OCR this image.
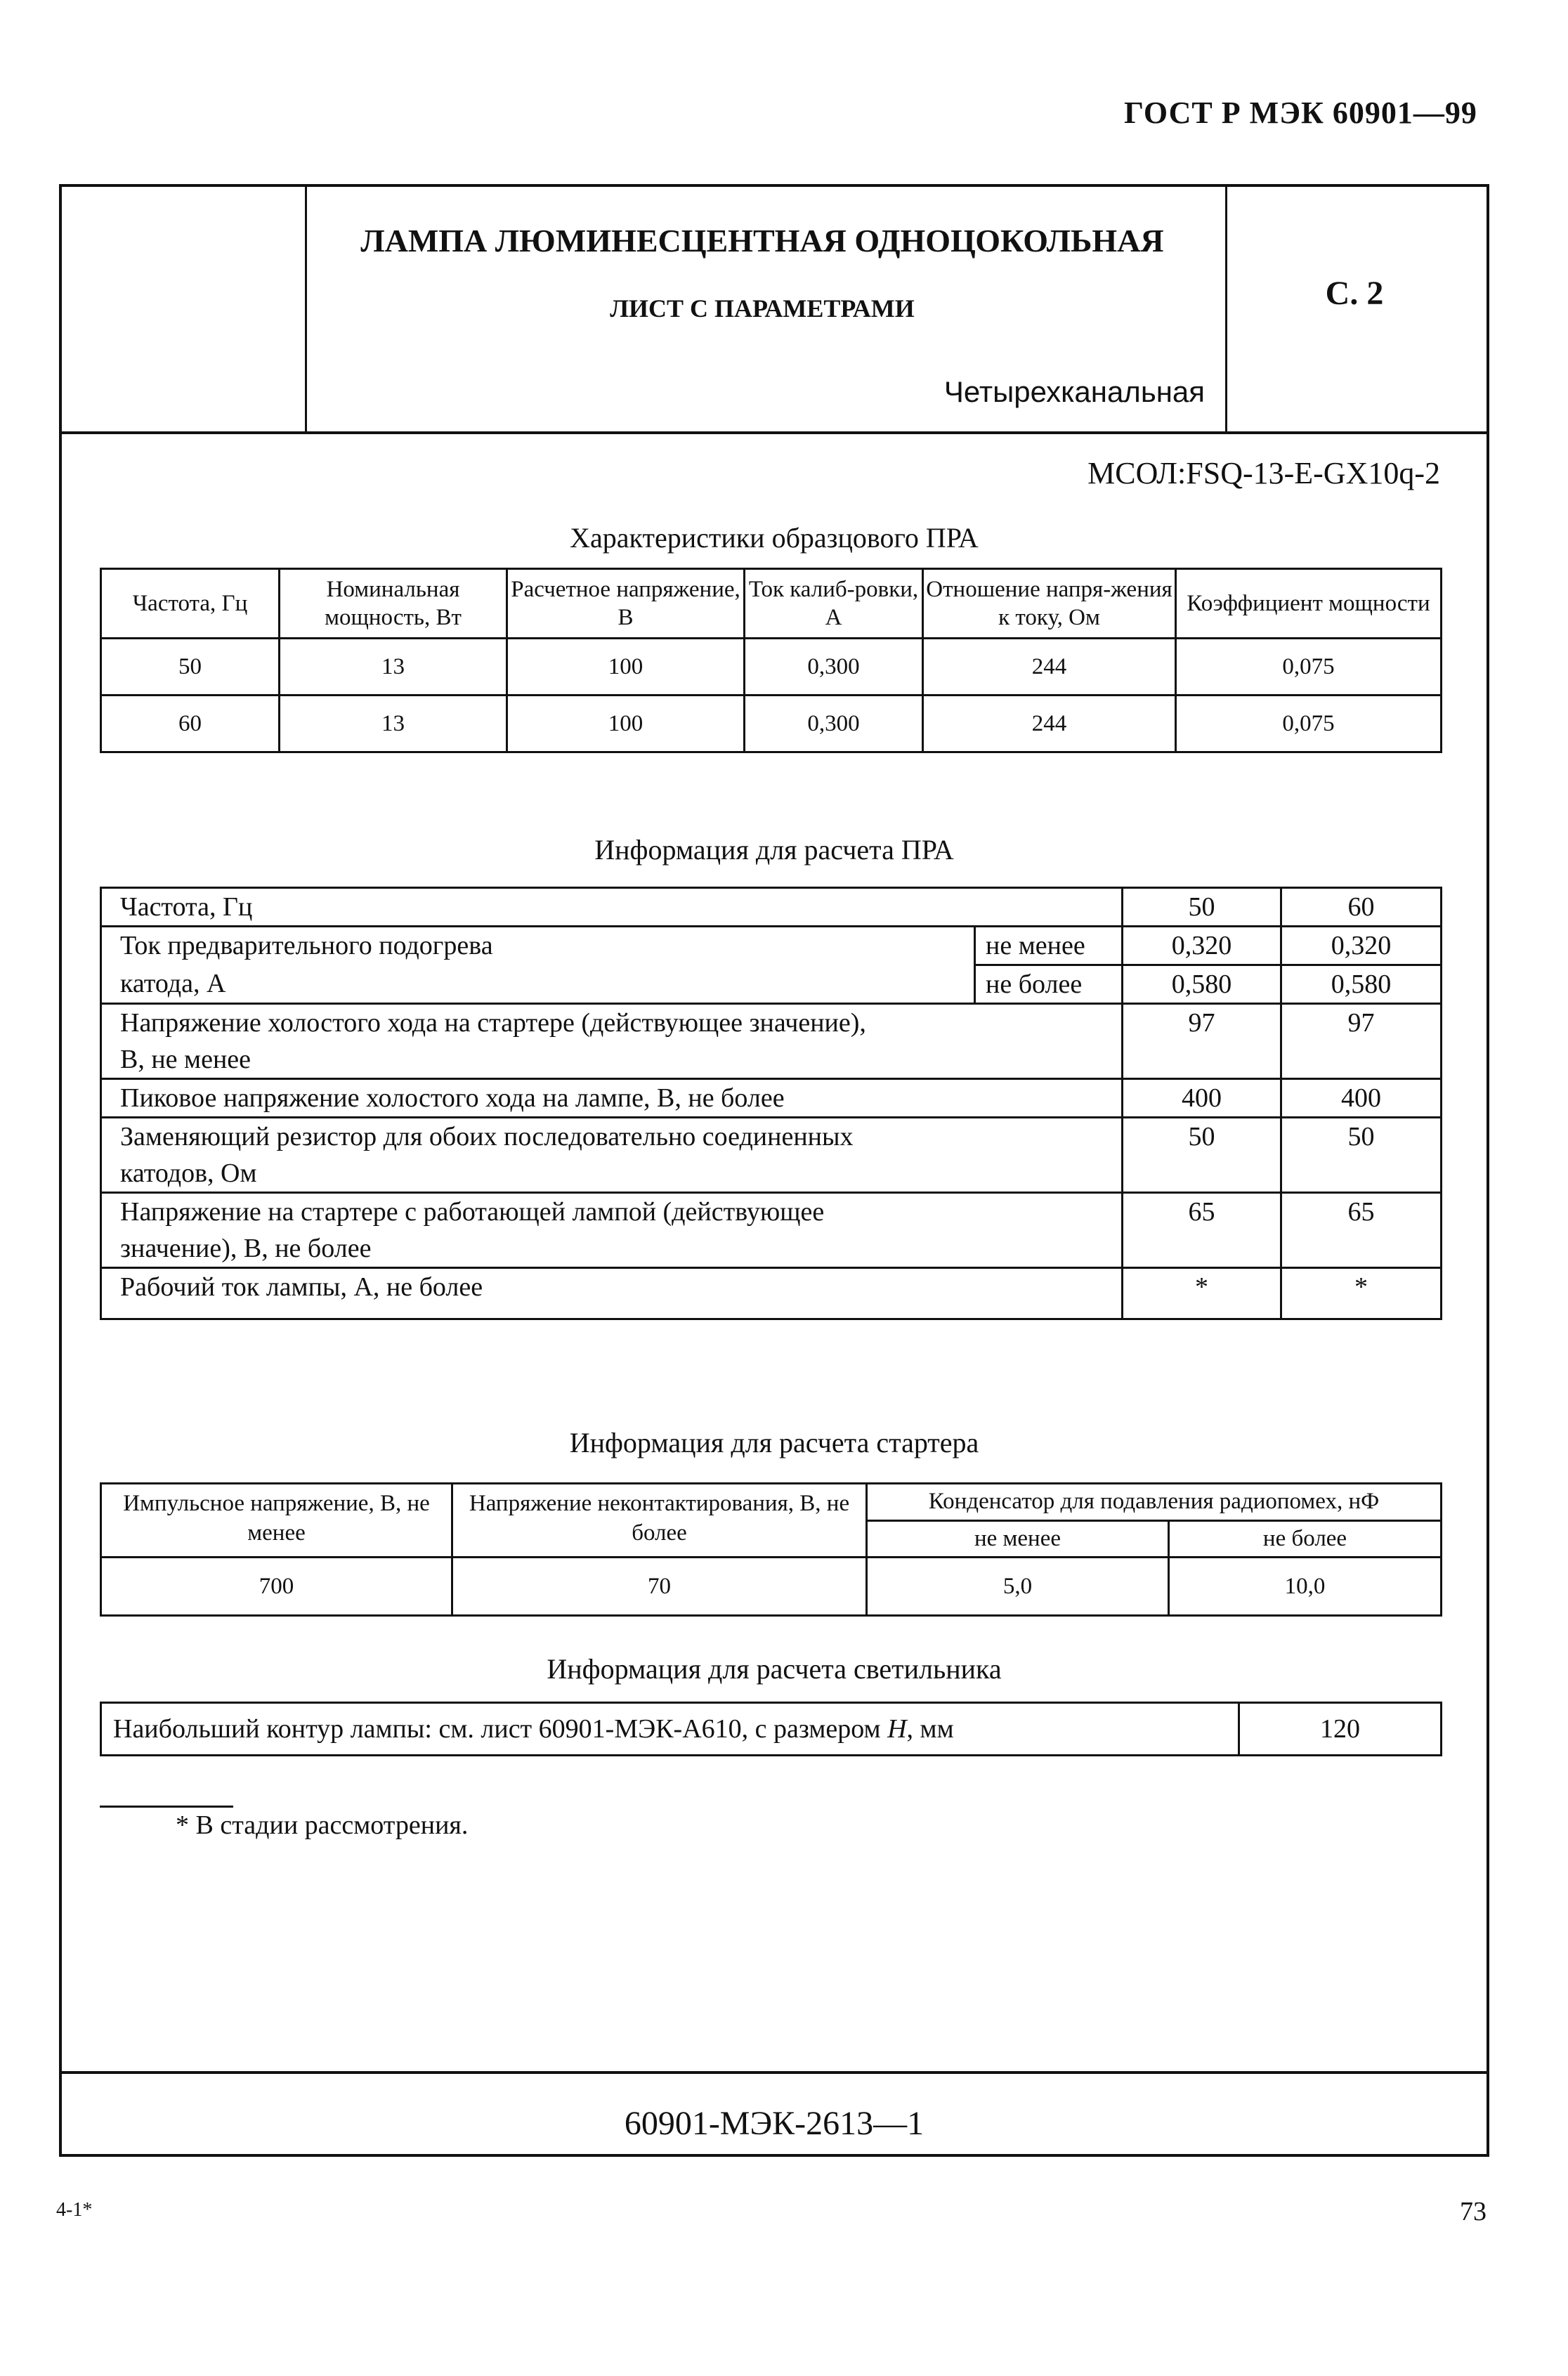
ГОСТ Р МЭК 60901—99
ЛАМПА ЛЮМИНЕСЦЕНТНАЯ ОДНОЦОКОЛЬНАЯ
ЛИСТ С ПАРАМЕТРАМИ
Четырехканальная
С. 2
МСОЛ:FSQ-13-E-GX10q-2
Характеристики образцового ПРА
Частота, Гц	Номинальная мощность, Вт	Расчетное напряжение, В	Ток калиб-ровки, А	Отношение напря-жения к току, Ом	Коэффициент мощности
50	13	100	0,300	244	0,075
60	13	100	0,300	244	0,075
Информация для расчета ПРА
Частота, Гц		50	60
Ток предварительного подогрева	не менее	0,320	0,320
катода, А	не более	0,580	0,580

Напряжение холостого хода на стартере (действующее значение),
В, не менее		97	97
Пиковое напряжение холостого хода на лампе, В, не более		400	400

Заменяющий резистор для обоих последовательно соединенных
катодов, Ом		50	50

Напряжение на стартере с работающей лампой (действующее
значение), В, не более		65	65
Рабочий ток лампы, А, не более		*	*
Информация для расчета стартера
Импульсное напряжение, В, не менее	Напряжение неконтактирования, В, не более	Конденсатор для подавления радиопомех, нФ	
		не менее	не более
700	70	5,0	10,0
Информация для расчета светильника
Наибольший контур лампы: см. лист 60901-МЭК-А610, с размером Н, мм	120
* В стадии рассмотрения.
60901-МЭК-2613—1
4-1*	73
